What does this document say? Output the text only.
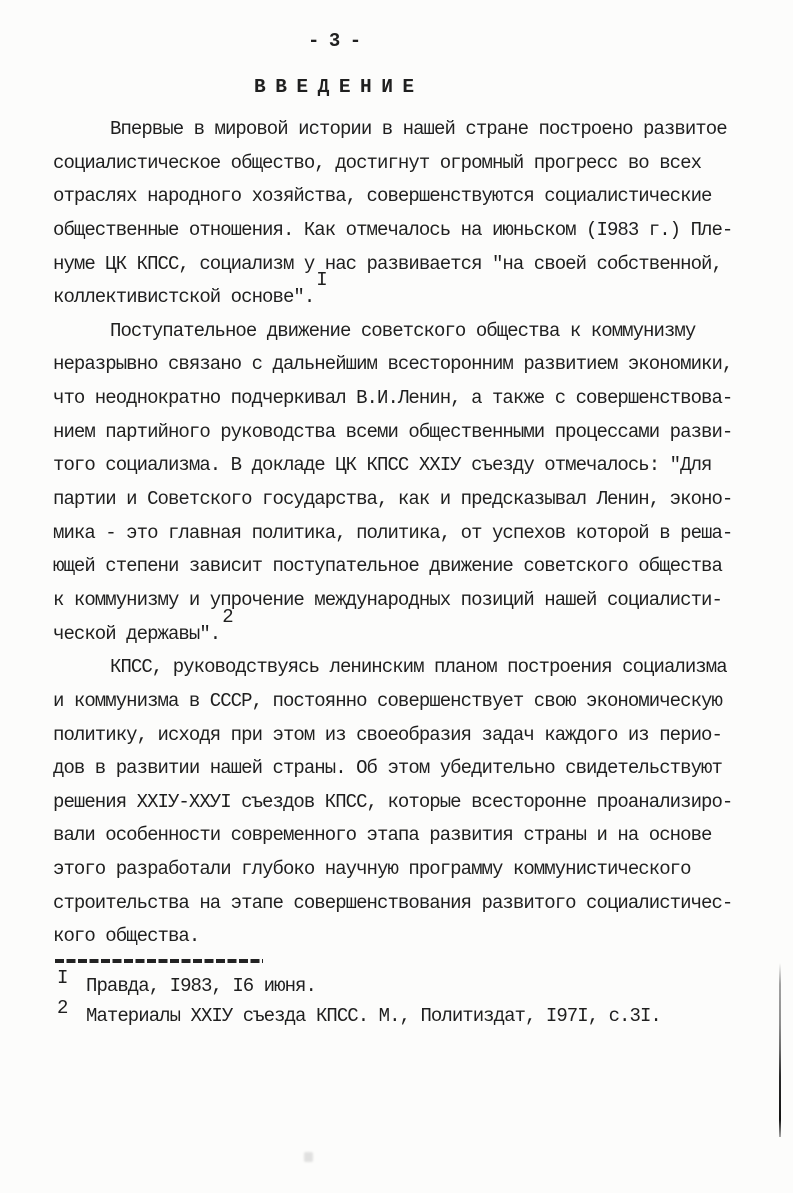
- 3 -
В В Е Д Е Н И Е
Впервые в мировой истории в нашей стране построено развитое
социалистическое общество, достигнут огромный прогресс во всех
отраслях народного хозяйства, совершенствуются социалистические
общественные отношения. Как отмечалось на июньском (I983 г.) Пле-
нуме ЦК КПСС, социализм у нас развивается "на своей собственной,
коллективистской основе".I
Поступательное движение советского общества к коммунизму
неразрывно связано с дальнейшим всесторонним развитием экономики,
что неоднократно подчеркивал В.И.Ленин, а также с совершенствова-
нием партийного руководства всеми общественными процессами разви-
того социализма. В докладе ЦК КПСС ХХIУ съезду отмечалось: "Для
партии и Советского государства, как и предсказывал Ленин, эконо-
мика - это главная политика, политика, от успехов которой в реша-
ющей степени зависит поступательное движение советского общества
к коммунизму и упрочение международных позиций нашей социалисти-
ческой державы".2
КПСС, руководствуясь ленинским планом построения социализма
и коммунизма в СССР, постоянно совершенствует свою экономическую
политику, исходя при этом из своеобразия задач каждого из перио-
дов в развитии нашей страны. Об этом убедительно свидетельствуют
решения ХХIУ-ХХУI съездов КПСС, которые всесторонне проанализиро-
вали особенности современного этапа развития страны и на основе
этого разработали глубоко научную программу коммунистического
строительства на этапе совершенствования развитого социалистичес-
кого общества.
I Правда, I983, I6 июня.
2 Материалы ХХIУ съезда КПСС. М., Политиздат, I97I, с.3I.
